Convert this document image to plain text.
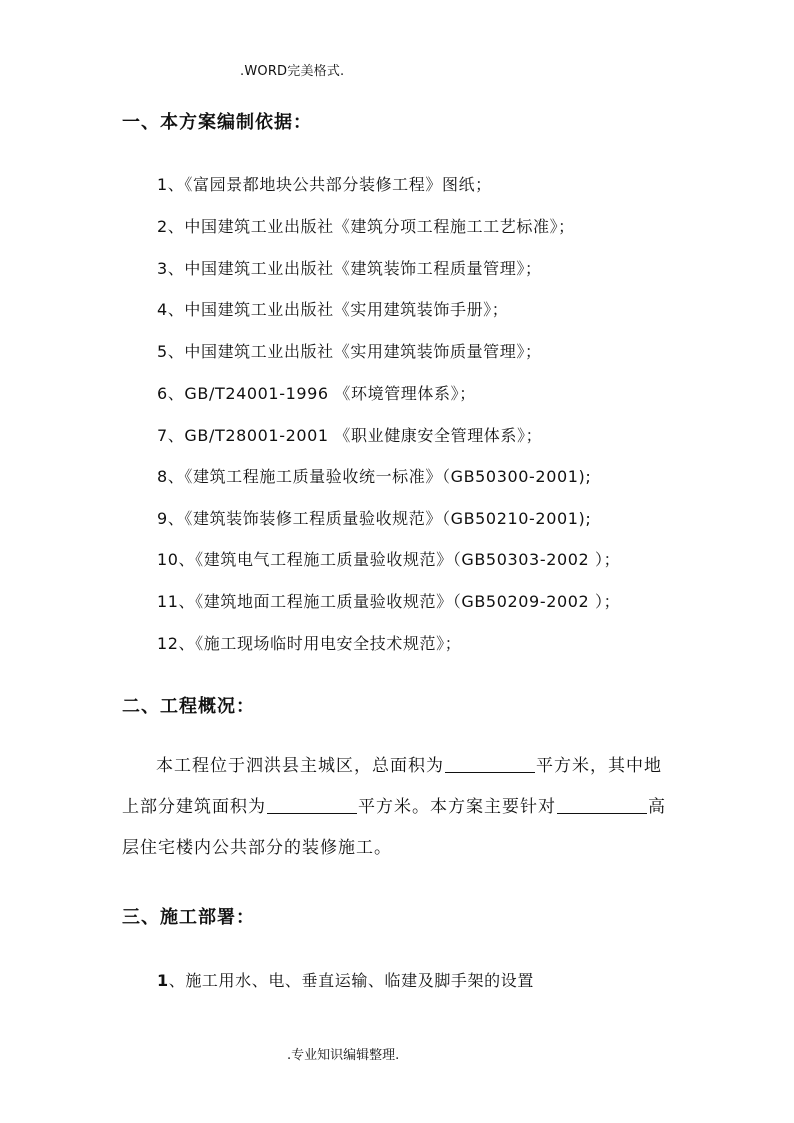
.WORD完美格式.
一、本方案编制依据：
1、《富园景都地块公共部分装修工程》图纸；
2、中国建筑工业出版社《建筑分项工程施工工艺标准》；
3、中国建筑工业出版社《建筑装饰工程质量管理》；
4、中国建筑工业出版社《实用建筑装饰手册》；
5、中国建筑工业出版社《实用建筑装饰质量管理》；
6、GB/T24001-1996 《环境管理体系》；
7、GB/T28001-2001 《职业健康安全管理体系》；
8、《建筑工程施工质量验收统一标准》（GB50300-2001);
9、《建筑装饰装修工程质量验收规范》（GB50210-2001);
10、《建筑电气工程施工质量验收规范》（GB50303-2002 ）；
11、《建筑地面工程施工质量验收规范》（GB50209-2002 ）；
12、《施工现场临时用电安全技术规范》；
二、工程概况：
本工程位于泗洪县主城区，总面积为	平方米，其中地
上部分建筑面积为	平方米。本方案主要针对	高
层住宅楼内公共部分的装修施工。
三、施工部署：
1、施工用水、电、垂直运输、临建及脚手架的设置
.专业知识编辑整理.
